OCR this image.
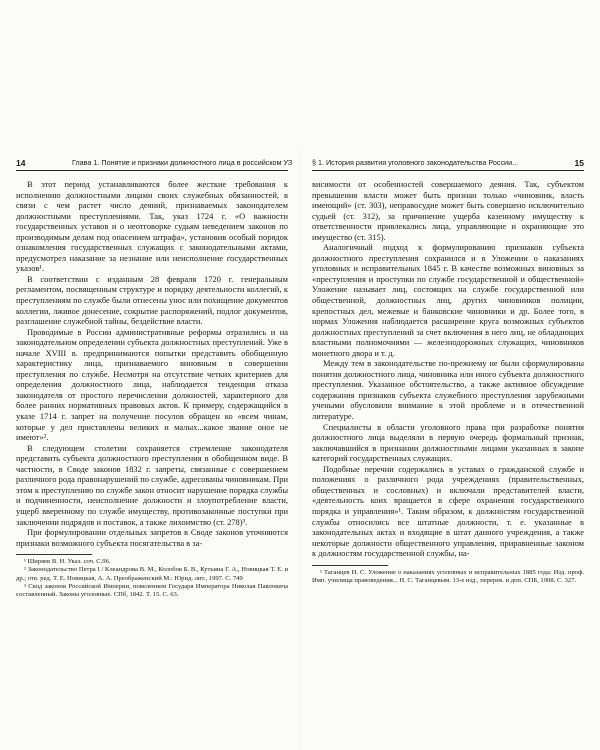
14	Глава 1. Понятие и признаки должностного лица в российском УЗ

В этот период устанавливаются более жесткие требования к исполнению должностными лицами своих служебных обязанностей, в связи с чем растет число деяний, признаваемых законодателем должностными преступлениями. Так, указ 1724 г. «О важности государственных уставов и о неотговорке судьям неведением законов по производимым делам под опасением штрафа», установив особый порядок ознакомления государственных служащих с законодательными актами, предусмотрел наказание за незнание или неисполнение государственных указов¹.

В соответствии с изданным 28 февраля 1720 г. генеральным регламентом, посвященным структуре и порядку деятельности коллегий, к преступлениям по службе были отнесены унос или похищение документов коллегии, лживое донесение, сокрытие распоряжений, подлог документов, разглашение служебной тайны, бездействие власти.

Проводимые в России административные реформы отразились и на законодательном определении субъекта должностных преступлений. Уже в начале XVIII в. предпринимаются попытки представить обобщенную характеристику лица, признаваемого виновным в совершении преступления по службе. Несмотря на отсутствие четких критериев для определения должностного лица, наблюдается тенденция отказа законодателя от простого перечисления должностей, характерного для более ранних нормативных правовых актов. К примеру, содержащийся в указе 1714 г. запрет на получение посулов обращен ко «всем чинам, которые у дел приставлены великих и малых...какое звание оное не имеют»².

В следующем столетии сохраняется стремление законодателя представить субъекта должностного преступления в обобщенном виде. В частности, в Своде законов 1832 г. запреты, связанные с совершением различного рода правонарушений по службе, адресованы чиновникам. При этом к преступлению по службе закон относит нарушение порядка службы и подчиненности, неисполнение должности и злоупотребление власти, ущерб вверенному по службе имуществу, противозаконные поступки при заключении подрядов и поставок, а также лихоимство (ст. 278)³.

При формулировании отдельных запретов в Своде законов уточняются признаки возможного субъекта посягательства в за-

¹ Ширяев В. Н. Указ. соч. С.96.

² Законодательство Петра I / Клеандрова В. М., Колобов Б. В., Кутьина Г. А., Новицкая Т. Е. и др.; отв. ред. Т. Е. Новицкая, А. А. Преображенский М.: Юрид. лит., 1997. С. 749

³ Свод законов Российской Империи, повелением Государя Императора Николая Павловича составленный. Законы уголовные. СПб, 1842. Т. 15. С. 63.

§ 1. История развития уголовного законодательства России...	15

висимости от особенностей совершаемого деяния. Так, субъектом превышения власти может быть признан только «чиновник, власть имеющий» (ст. 303), неправосудие может быть совершено исключительно судьей (ст. 312), за причинение ущерба казенному имуществу к ответственности привлекались лица, управляющие и охраняющие это имущество (ст. 315).

Аналогичный подход к формулированию признаков субъекта должностного преступления сохранился и в Уложении о наказаниях уголовных и исправительных 1845 г. В качестве возможных виновных за «преступления и проступки по службе государственной и общественной» Уложение называет лиц, состоящих на службе государственной или общественной, должностных лиц, других чиновников полиции, крепостных дел, межевые и банковские чиновники и др. Более того, в нормах Уложения наблюдается расширение круга возможных субъектов должностных преступлений за счет включения в него лиц, не обладающих властными полномочиями — железнодорожных служащих, чиновников монетного двора и т. д.

Между тем в законодательстве по-прежнему не были сформулированы понятия должностного лица, чиновника или иного субъекта должностного преступления. Указанное обстоятельство, а также активное обсуждение содержания признаков субъекта служебного преступления зарубежными учеными обусловили внимание к этой проблеме и в отечественной литературе.

Специалисты в области уголовного права при разработке понятия должностного лица выделяли в первую очередь формальный признак, заключавшийся в признании должностными лицами указанных в законе категорий государственных служащих.

Подобные перечни содержались в уставах о гражданской службе и положениях о различного рода учреждениях (правительственных, общественных и сословных) и включали представителей власти, «деятельность коих вращается в сфере охранения государственного порядка и управления»¹. Таким образом, к должностям государственной службы относились все штатные должности, т. е. указанные в законодательных актах и входящие в штат данного учреждения, а также некоторые должности общественного управления, приравненные законом к должностям государственной службы, на-

¹ Таганцев Н. С. Уложение о наказаниях уголовных и исправительных 1885 года: Изд. проф. Имп. училища правоведения... Н. С. Таганцевым. 13-е изд., перерев. и доп. СПБ, 1908. С. 327.
